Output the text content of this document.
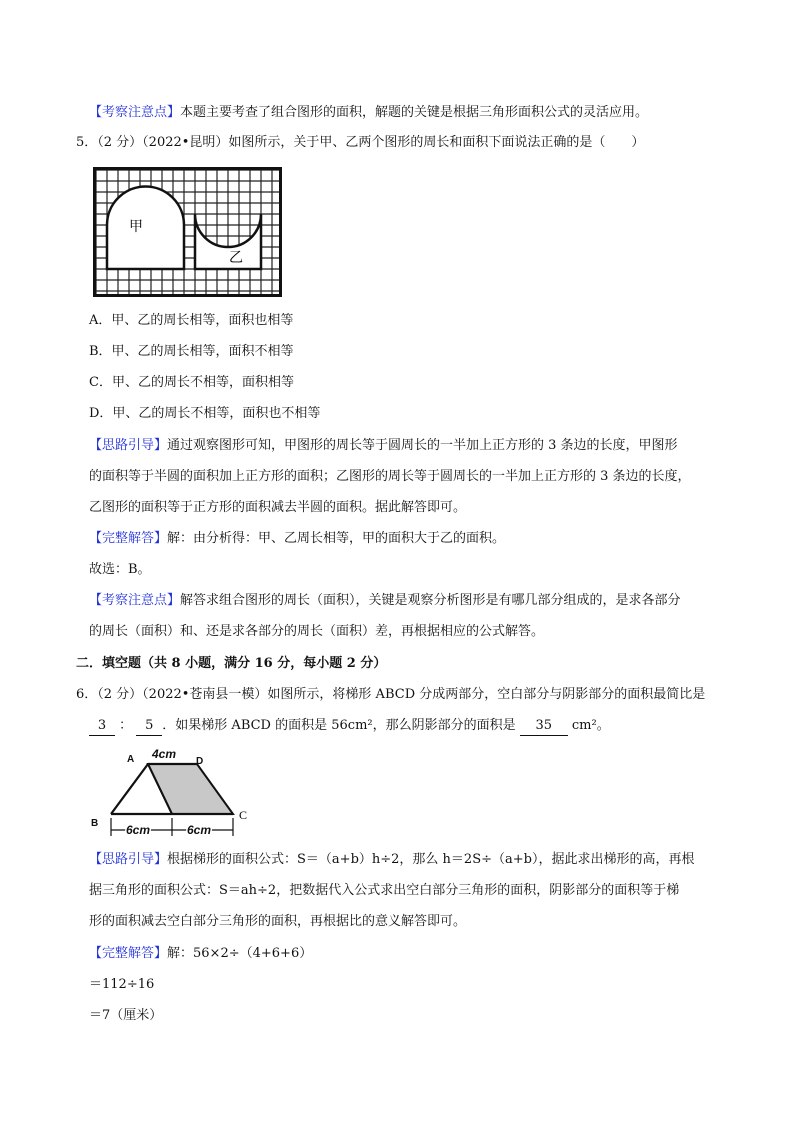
【考察注意点】本题主要考查了组合图形的面积，解题的关键是根据三角形面积公式的灵活应用。
5．（2 分）（2022•昆明）如图所示，关于甲、乙两个图形的周长和面积下面说法正确的是（　　）
甲
乙
A．甲、乙的周长相等，面积也相等
B．甲、乙的周长相等，面积不相等
C．甲、乙的周长不相等，面积相等
D．甲、乙的周长不相等，面积也不相等
【思路引导】通过观察图形可知，甲图形的周长等于圆周长的一半加上正方形的 3 条边的长度，甲图形
的面积等于半圆的面积加上正方形的面积；乙图形的周长等于圆周长的一半加上正方形的 3 条边的长度，
乙图形的面积等于正方形的面积减去半圆的面积。据此解答即可。
【完整解答】解：由分析得：甲、乙周长相等，甲的面积大于乙的面积。
故选：B。
【考察注意点】解答求组合图形的周长（面积），关键是观察分析图形是有哪几部分组成的，是求各部分
的周长（面积）和、还是求各部分的周长（面积）差，再根据相应的公式解答。
二．填空题（共 8 小题，满分 16 分，每小题 2 分）
6．（2 分）（2022•苍南县一模）如图所示，将梯形 ABCD 分成两部分，空白部分与阴影部分的面积最简比是
3 ： 5 ．如果梯形 ABCD 的面积是 56cm²，那么阴影部分的面积是 35 cm²。
A	D
B
4cm
6cm	6cm
C
【思路引导】根据梯形的面积公式：S＝（a+b）h÷2，那么 h＝2S÷（a+b），据此求出梯形的高，再根
据三角形的面积公式：S＝ah÷2，把数据代入公式求出空白部分三角形的面积，阴影部分的面积等于梯
形的面积减去空白部分三角形的面积，再根据比的意义解答即可。
【完整解答】解：56×2÷（4+6+6）
＝112÷16
＝7（厘米）
